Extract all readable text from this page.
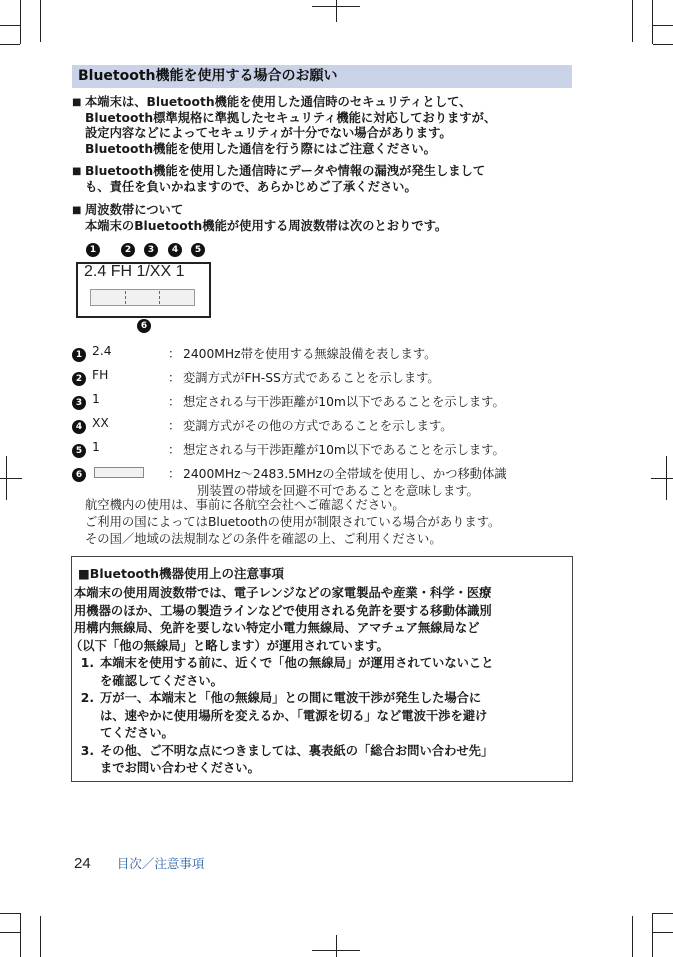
Bluetooth機能を使用する場合のお願い
■ 本端末は、Bluetooth機能を使用した通信時のセキュリティとして、
Bluetooth標準規格に準拠したセキュリティ機能に対応しておりますが、
設定内容などによってセキュリティが十分でない場合があります。
Bluetooth機能を使用した通信を行う際にはご注意ください。
■ Bluetooth機能を使用した通信時にデータや情報の漏洩が発生しまして
も、責任を負いかねますので、あらかじめご了承ください。
■ 周波数帯について
本端末のBluetooth機能が使用する周波数帯は次のとおりです。
1	2	3	4	5
2.4 FH 1/XX 1
6
1 2.4	： 2400MHz帯を使用する無線設備を表します。
2 FH	： 変調方式がFH-SS方式であることを示します。
3 1	： 想定される与干渉距離が10m以下であることを示します。
4 XX	： 変調方式がその他の方式であることを示します。
5 1	： 想定される与干渉距離が10m以下であることを示します。
6	： 2400MHz～2483.5MHzの全帯域を使用し、かつ移動体識
別装置の帯域を回避不可であることを意味します。
航空機内の使用は、事前に各航空会社へご確認ください。
ご利用の国によってはBluetoothの使用が制限されている場合があります。
その国／地域の法規制などの条件を確認の上、ご利用ください。
■Bluetooth機器使用上の注意事項
本端末の使用周波数帯では、電子レンジなどの家電製品や産業・科学・医療
用機器のほか、工場の製造ラインなどで使用される免許を要する移動体識別
用構内無線局、免許を要しない特定小電力無線局、アマチュア無線局など
（以下「他の無線局」と略します）が運用されています。
1. 本端末を使用する前に、近くで「他の無線局」が運用されていないこと
を確認してください。
2. 万が一、本端末と「他の無線局」との間に電波干渉が発生した場合に
は、速やかに使用場所を変えるか、「電源を切る」など電波干渉を避け
てください。
3. その他、ご不明な点につきましては、裏表紙の「総合お問い合わせ先」
までお問い合わせください。
24 目次／注意事項
